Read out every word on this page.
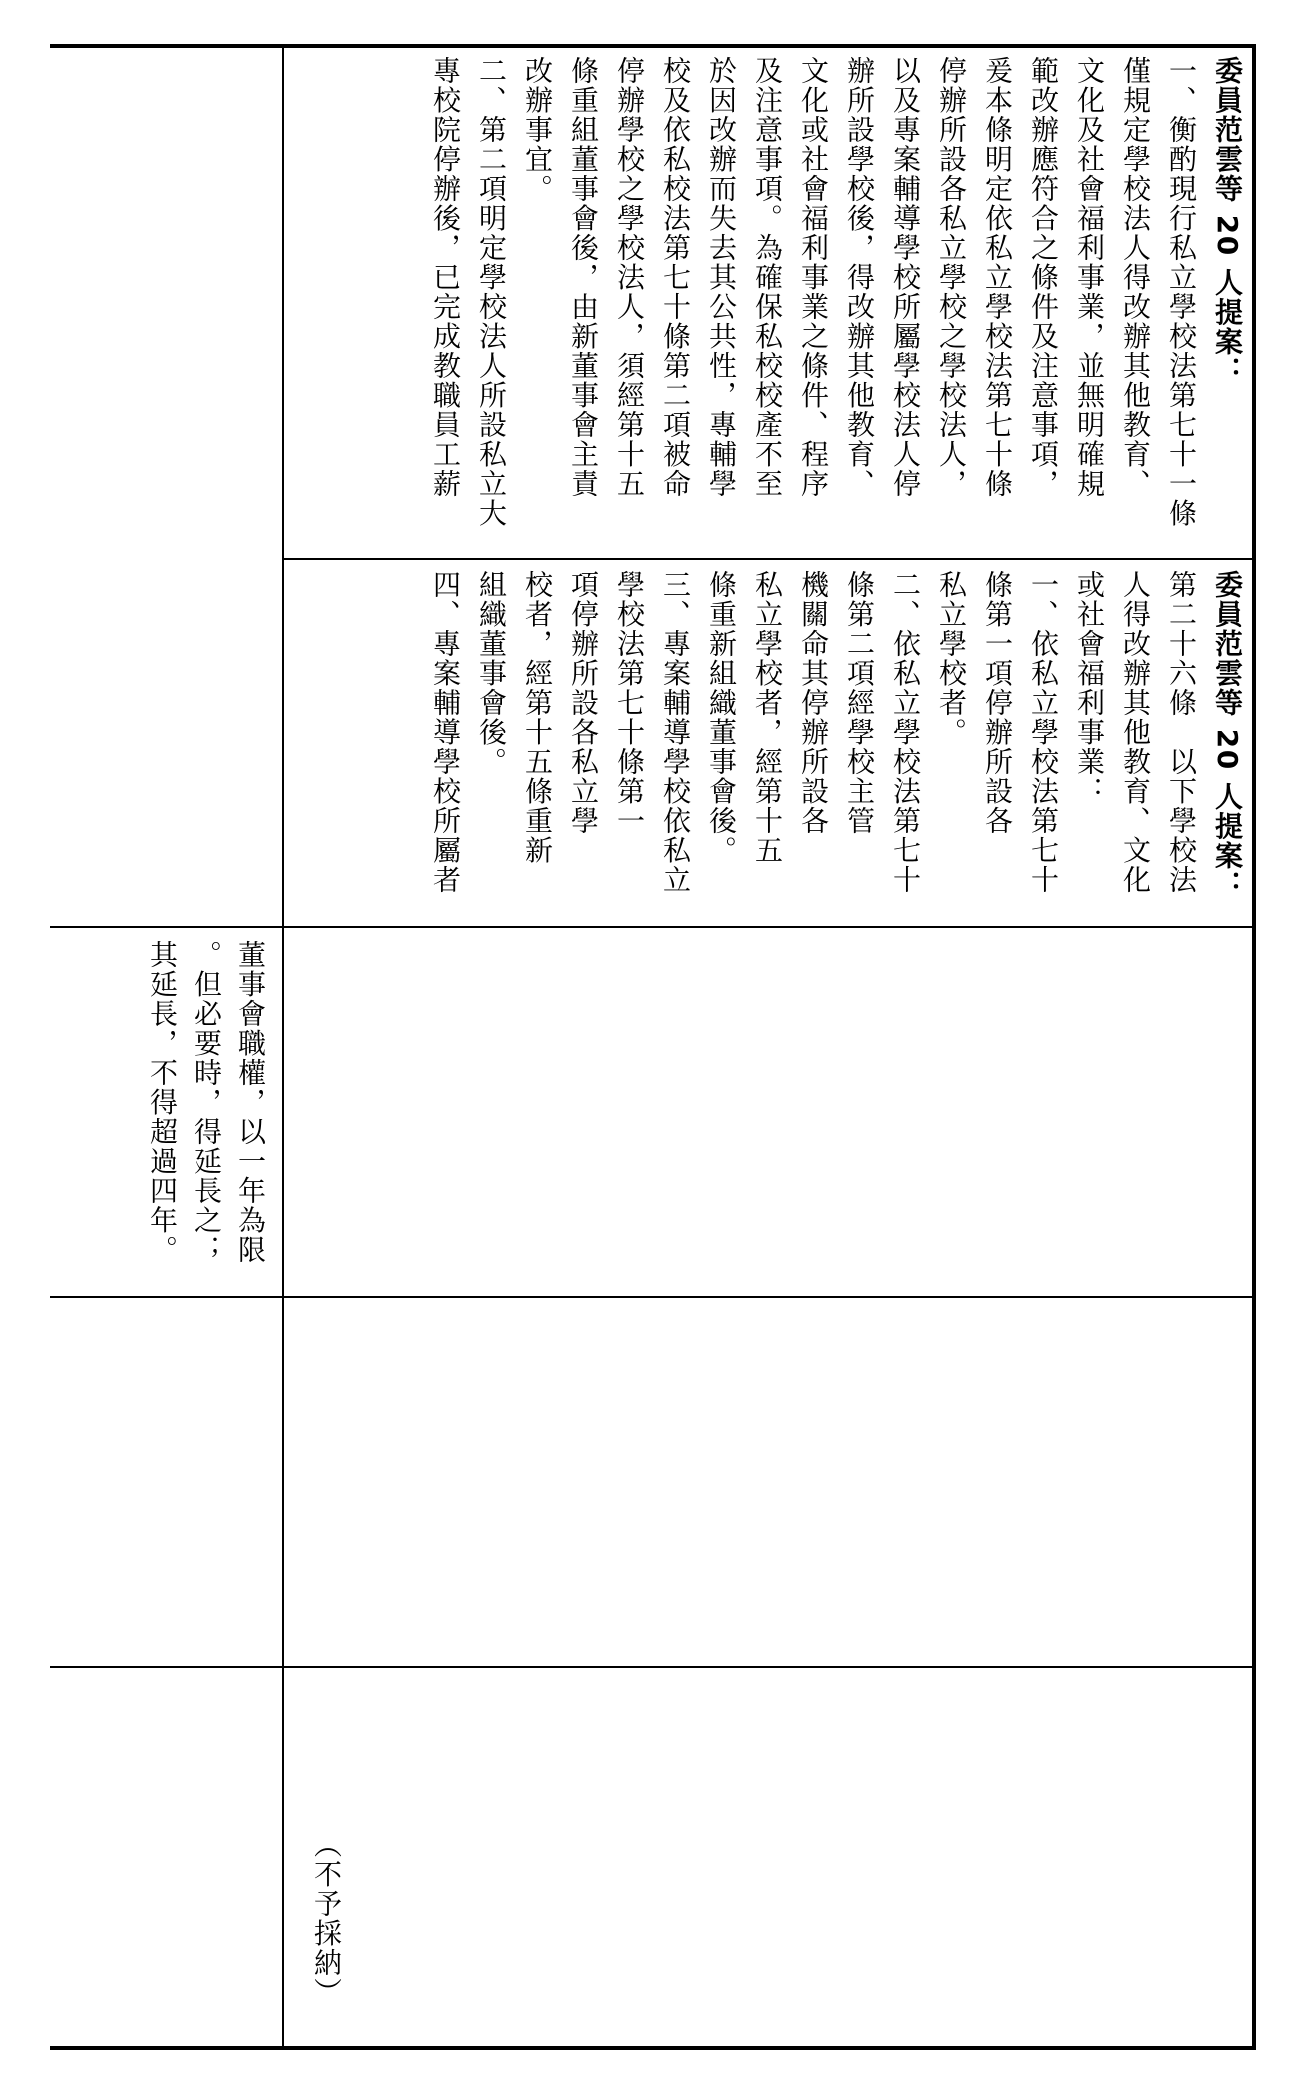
董事會職權，以一年為限

。但必要時，得延長之；

其延長，不得超過四年。

（不予採納）

委員范雲等 20 人提案：

第二十六條　以下學校法

人得改辦其他教育、文化

或社會福利事業：

一、依私立學校法第七十

條第一項停辦所設各

私立學校者。

二、依私立學校法第七十

條第二項經學校主管

機關命其停辦所設各

私立學校者，經第十五

條重新組織董事會後。

三、專案輔導學校依私立

學校法第七十條第一

項停辦所設各私立學

校者，經第十五條重新

組織董事會後。

四、專案輔導學校所屬者

委員范雲等 20 人提案：

一、衡酌現行私立學校法第七十一條

僅規定學校法人得改辦其他教育、

文化及社會福利事業，並無明確規

範改辦應符合之條件及注意事項，

爰本條明定依私立學校法第七十條

停辦所設各私立學校之學校法人，

以及專案輔導學校所屬學校法人停

辦所設學校後，得改辦其他教育、

文化或社會福利事業之條件、程序

及注意事項。為確保私校校產不至

於因改辦而失去其公共性，專輔學

校及依私校法第七十條第二項被命

停辦學校之學校法人，須經第十五

條重組董事會後，由新董事會主責

改辦事宜。

二、第二項明定學校法人所設私立大

專校院停辦後，已完成教職員工薪
